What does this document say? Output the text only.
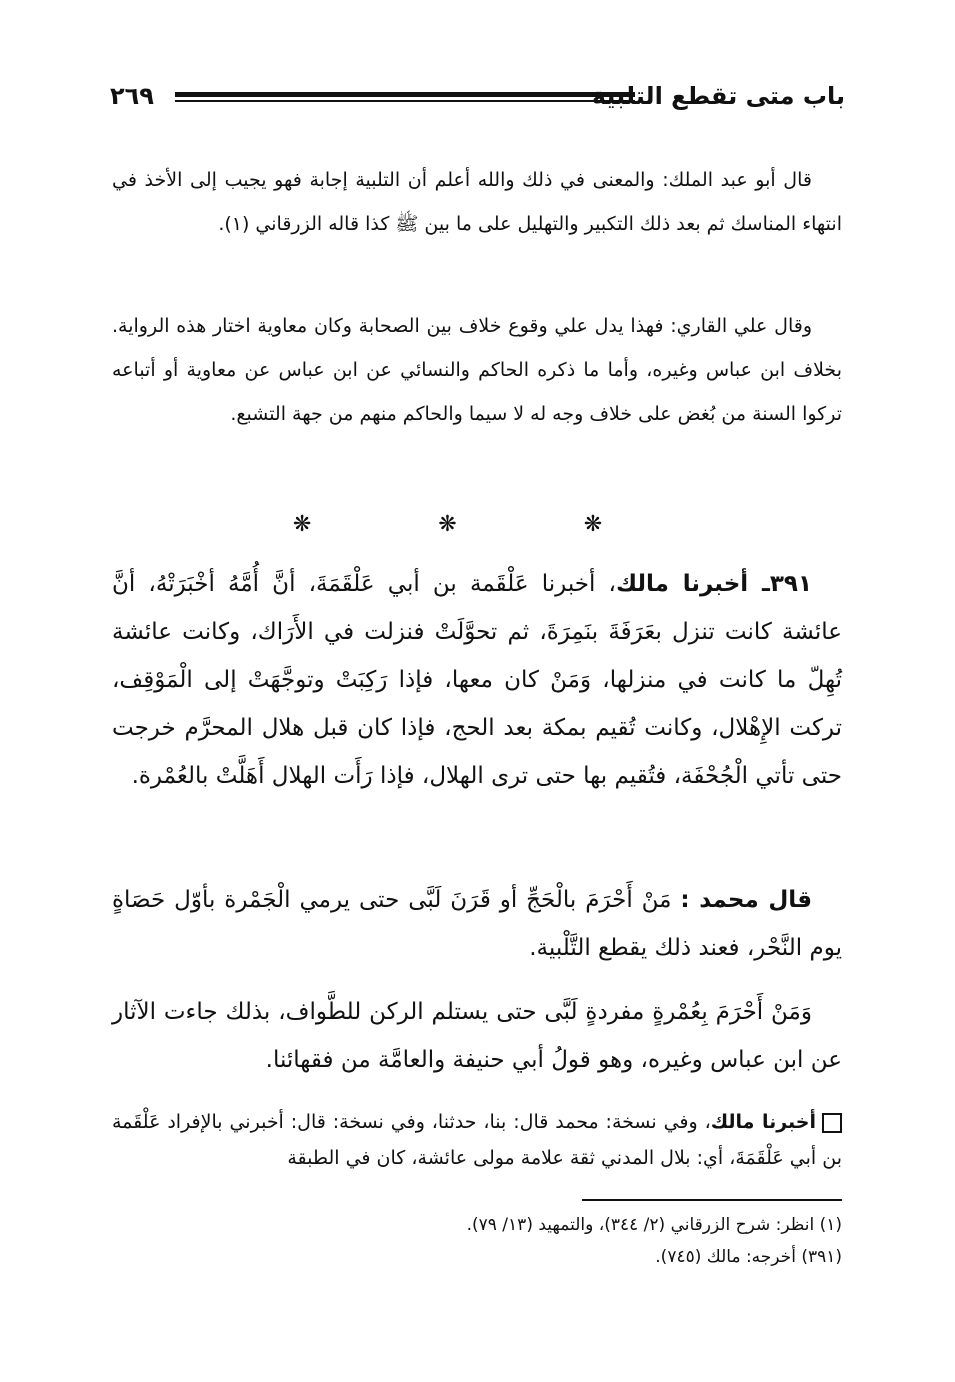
باب متى تقطع التلبية
٢٦٩
قال أبو عبد الملك: والمعنى في ذلك والله أعلم أن التلبية إجابة فهو يجيب إلى الأخذ في انتهاء المناسك ثم بعد ذلك التكبير والتهليل على ما بين ﷺ كذا قاله الزرقاني (١).
وقال علي القاري: فهذا يدل علي وقوع خلاف بين الصحابة وكان معاوية اختار هذه الرواية. بخلاف ابن عباس وغيره، وأما ما ذكره الحاكم والنسائي عن ابن عباس عن معاوية أو أتباعه تركوا السنة من بُغض على خلاف وجه له لا سيما والحاكم منهم من جهة التشبع.
❋ ❋ ❋
٣٩١ـ أخبرنا مالك، أخبرنا عَلْقَمة بن أبي عَلْقَمَةَ، أنَّ أُمَّهُ أخْبَرَتْهُ، أنَّ عائشة كانت تنزل بعَرَفَةَ بنَمِرَةَ، ثم تحوَّلَتْ فنزلت في الأَرَاك، وكانت عائشة تُهِلّ ما كانت في منزلها، وَمَنْ كان معها، فإذا رَكِبَتْ وتوجَّهَتْ إلى الْمَوْقِف، تركت الإِهْلال، وكانت تُقيم بمكة بعد الحج، فإذا كان قبل هلال المحرَّم خرجت حتى تأتي الْجُحْفَة، فتُقيم بها حتى ترى الهلال، فإذا رَأَت الهلال أَهَلَّتْ بالعُمْرة.
قال محمد : مَنْ أَحْرَمَ بالْحَجِّ أو قَرَنَ لَبَّى حتى يرمي الْجَمْرة بأوّل حَصَاةٍ يوم النَّحْر، فعند ذلك يقطع التَّلْبية.
وَمَنْ أَحْرَمَ بِعُمْرةٍ مفردةٍ لَبَّى حتى يستلم الركن للطَّواف، بذلك جاءت الآثار عن ابن عباس وغيره، وهو قولُ أبي حنيفة والعامَّة من فقهائنا.
أخبرنا مالك، وفي نسخة: محمد قال: بنا، حدثنا، وفي نسخة: قال: أخبرني بالإفراد عَلْقَمة بن أبي عَلْقَمَةَ، أي: بلال المدني ثقة علامة مولى عائشة، كان في الطبقة
(١) انظر: شرح الزرقاني (٢/ ٣٤٤)، والتمهيد (١٣/ ٧٩).
(٣٩١) أخرجه: مالك (٧٤٥).
